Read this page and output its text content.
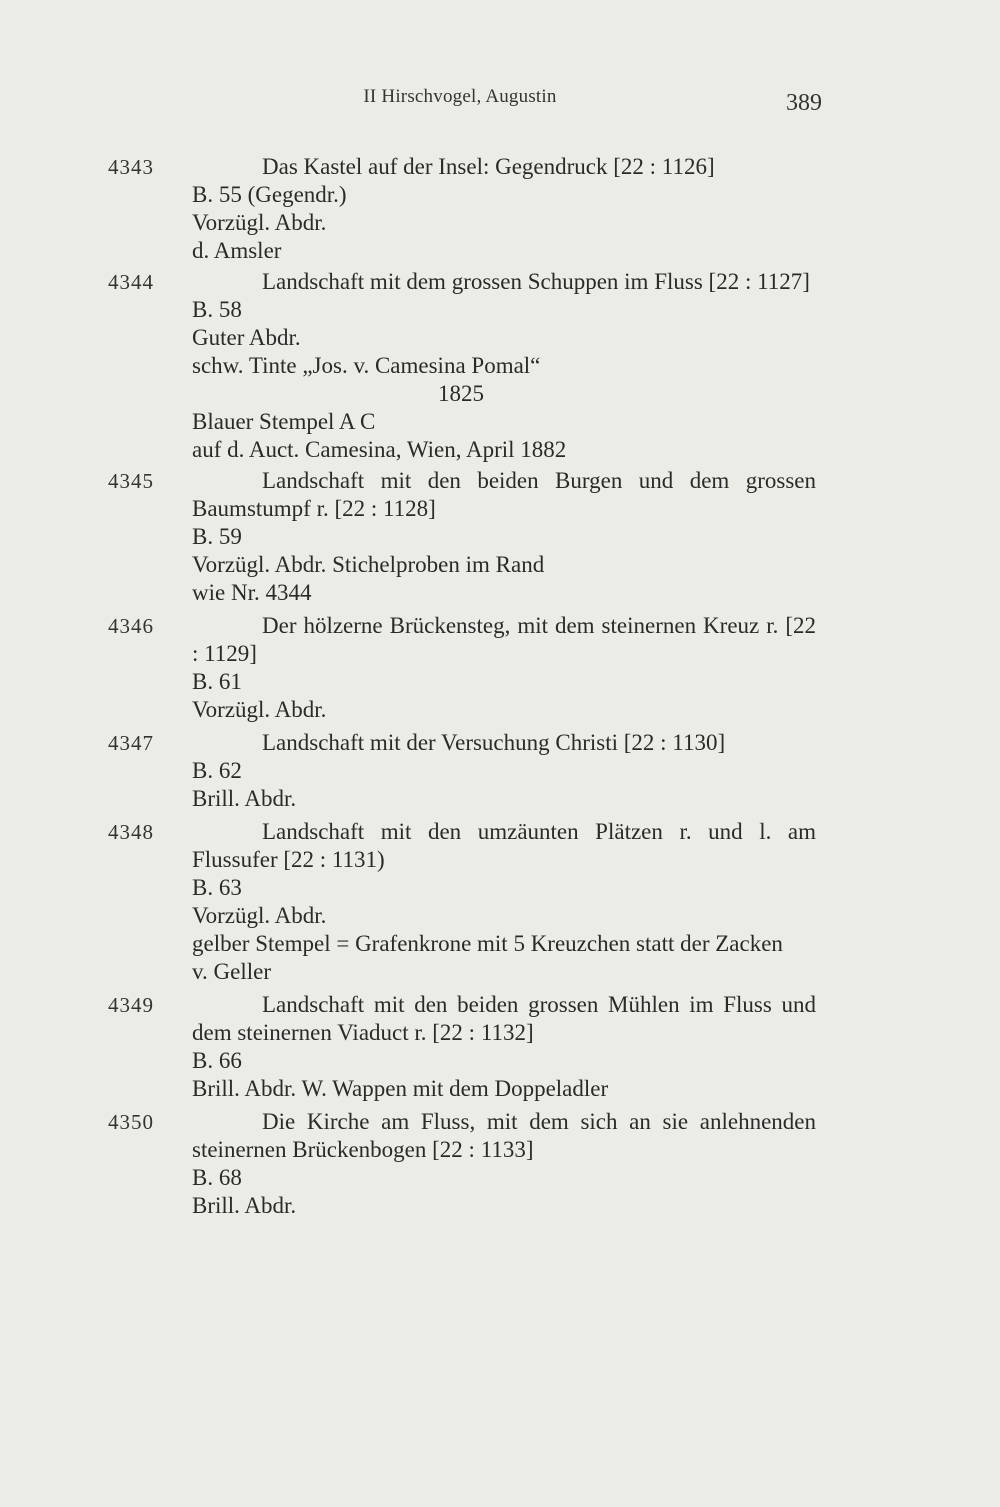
II Hirschvogel, Augustin	389
4343	Das Kastel auf der Insel: Gegendruck [22 : 1126]
B. 55 (Gegendr.)
Vorzügl. Abdr.
d. Amsler
4344	Landschaft mit dem grossen Schuppen im Fluss [22 : 1127]
B. 58
Guter Abdr.
schw. Tinte „Jos. v. Camesina Pomal“
1825
Blauer Stempel A C
auf d. Auct. Camesina, Wien, April 1882
4345	Landschaft mit den beiden Burgen und dem grossen Baumstumpf r. [22 : 1128]
B. 59
Vorzügl. Abdr. Stichelproben im Rand
wie Nr. 4344
4346	Der hölzerne Brückensteg, mit dem steinernen Kreuz r. [22 : 1129]
B. 61
Vorzügl. Abdr.
4347	Landschaft mit der Versuchung Christi [22 : 1130]
B. 62
Brill. Abdr.
4348	Landschaft mit den umzäunten Plätzen r. und l. am Flussufer [22 : 1131)
B. 63
Vorzügl. Abdr.
gelber Stempel = Grafenkrone mit 5 Kreuzchen statt der Zacken
v. Geller
4349	Landschaft mit den beiden grossen Mühlen im Fluss und dem steinernen Viaduct r. [22 : 1132]
B. 66
Brill. Abdr. W. Wappen mit dem Doppeladler
4350	Die Kirche am Fluss, mit dem sich an sie anlehnenden steinernen Brückenbogen [22 : 1133]
B. 68
Brill. Abdr.
